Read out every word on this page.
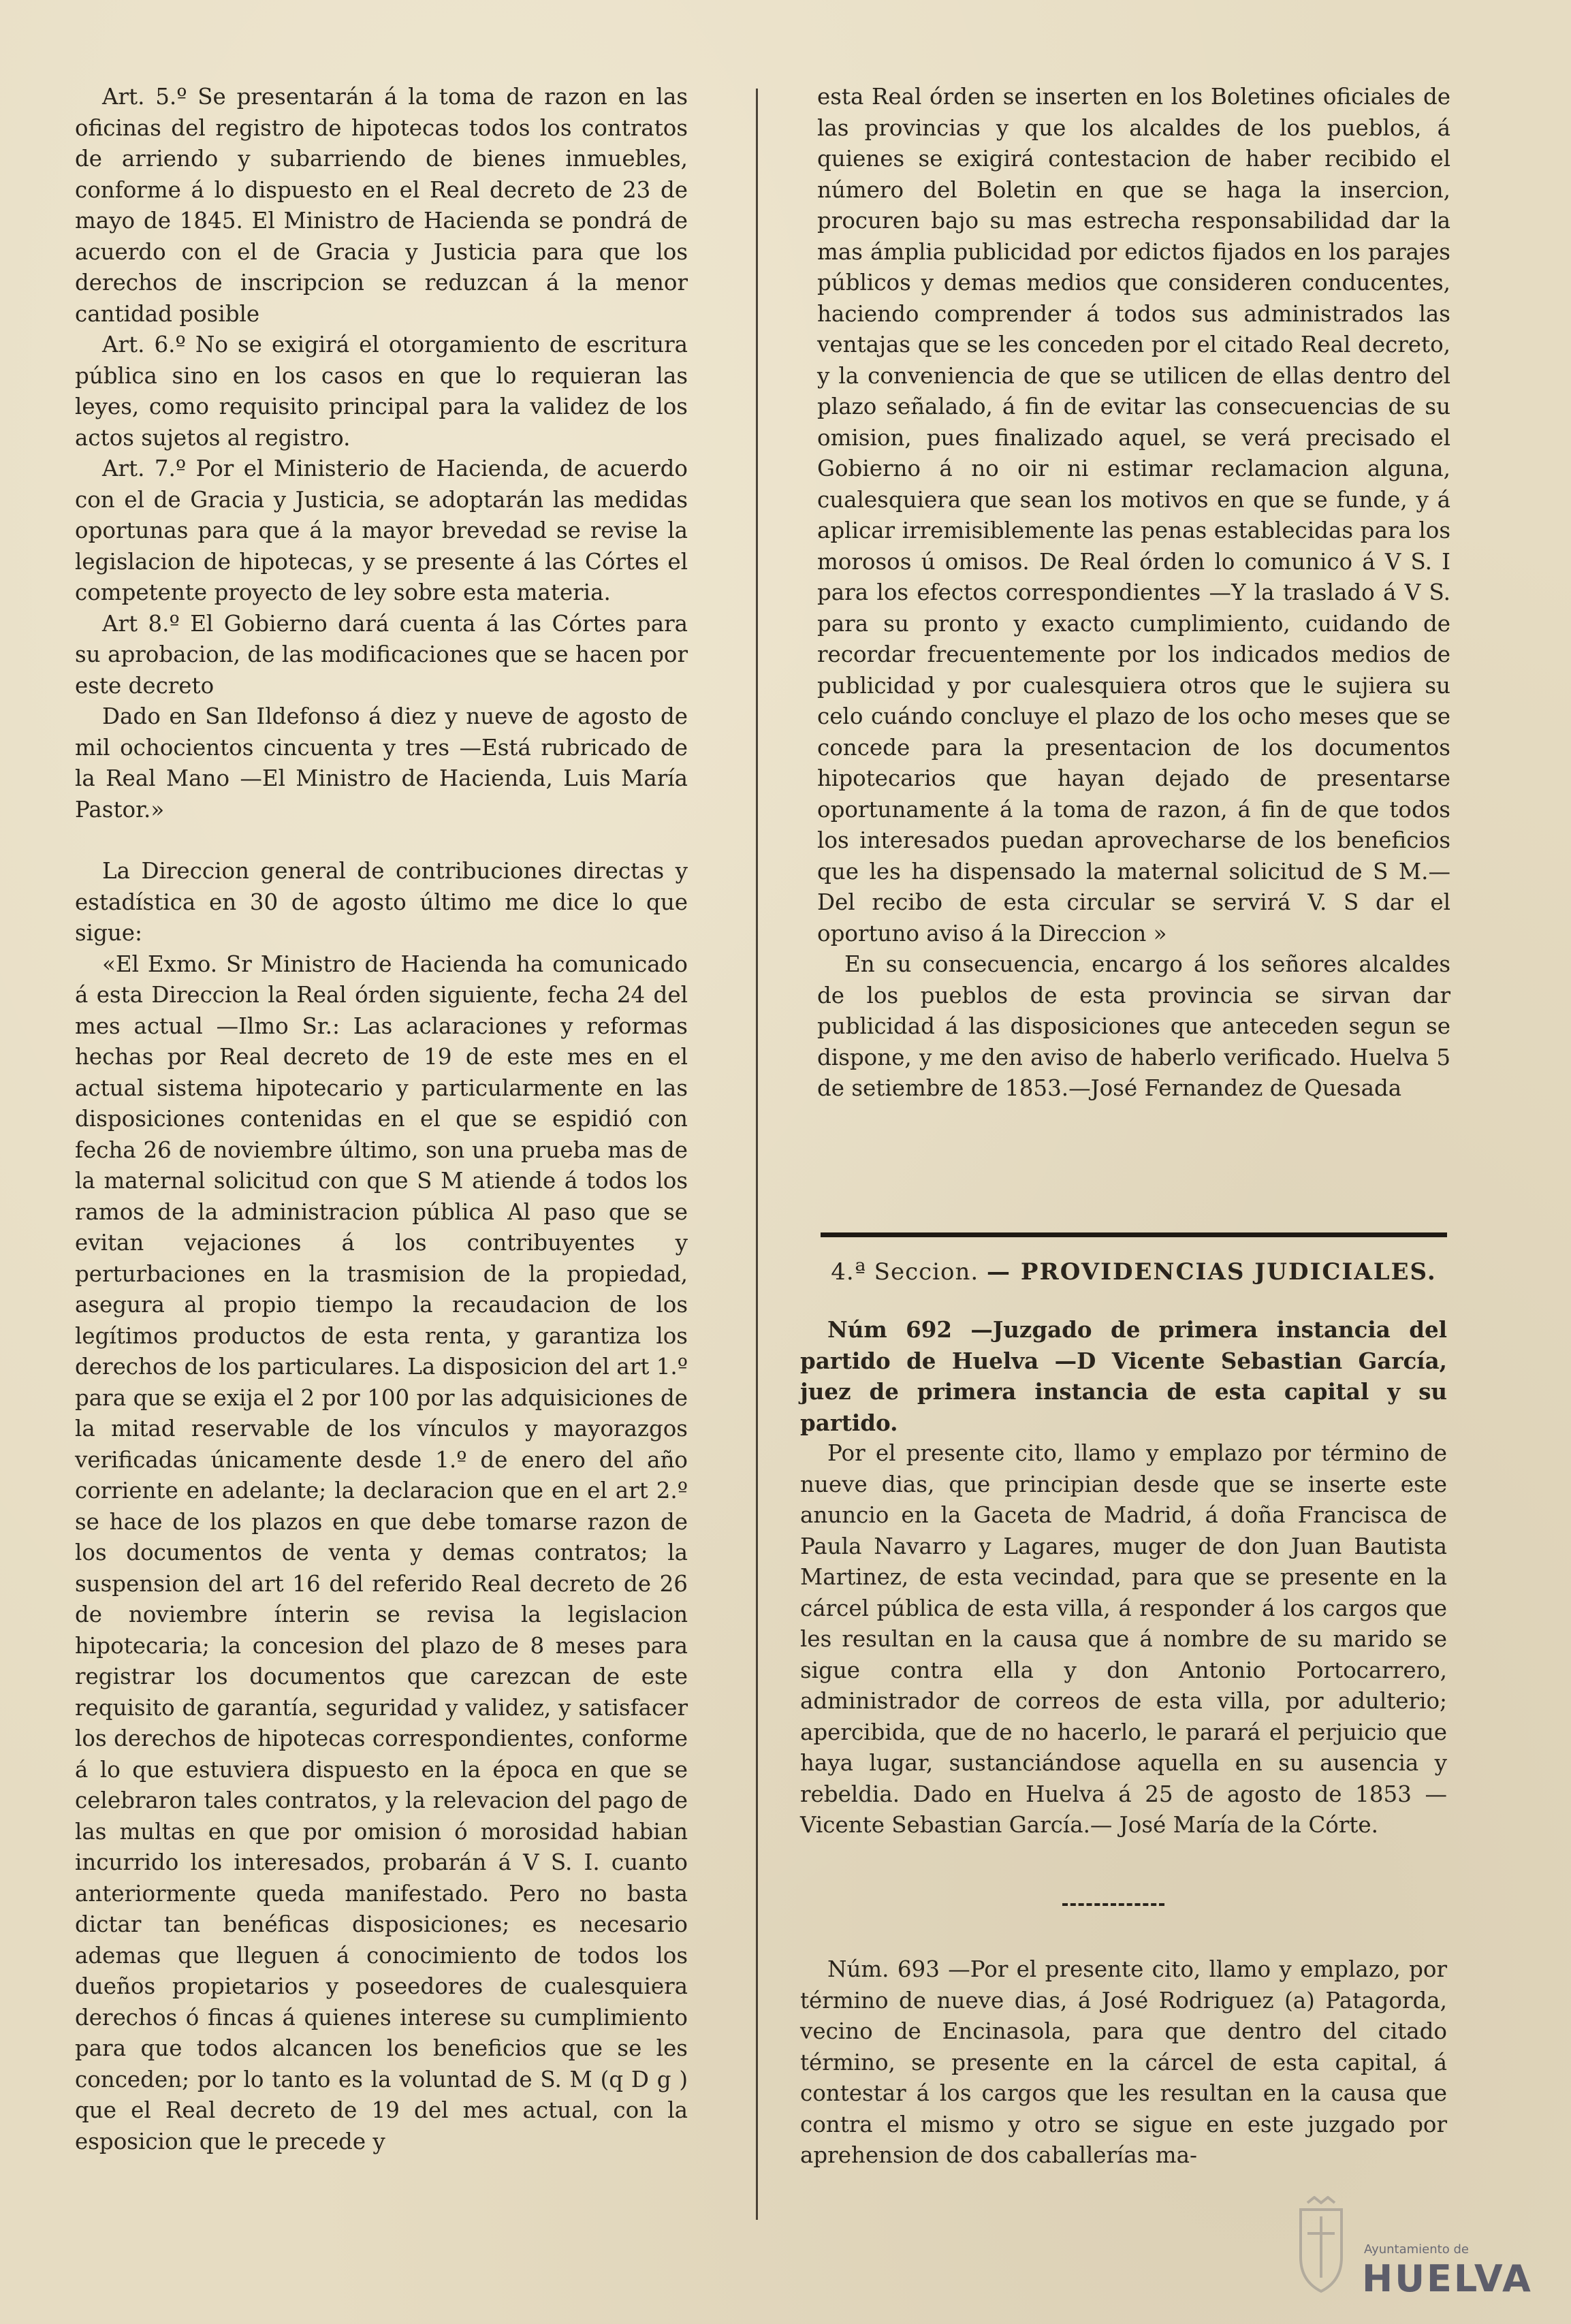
Art. 5.º Se presentarán á la toma de razon en las oficinas del registro de hipotecas todos los contratos de arriendo y subarriendo de bienes inmuebles, conforme á lo dispuesto en el Real decreto de 23 de mayo de 1845. El Ministro de Hacienda se pondrá de acuerdo con el de Gracia y Justicia para que los derechos de inscripcion se reduzcan á la menor cantidad posible

Art. 6.º No se exigirá el otorgamiento de escritura pública sino en los casos en que lo requieran las leyes, como requisito principal para la validez de los actos sujetos al registro.

Art. 7.º Por el Ministerio de Hacienda, de acuerdo con el de Gracia y Justicia, se adoptarán las medidas oportunas para que á la mayor brevedad se revise la legislacion de hipotecas, y se presente á las Córtes el competente proyecto de ley sobre esta materia.

Art 8.º El Gobierno dará cuenta á las Córtes para su aprobacion, de las modificaciones que se hacen por este decreto

Dado en San Ildefonso á diez y nueve de agosto de mil ochocientos cincuenta y tres —Está rubricado de la Real Mano —El Ministro de Hacienda, Luis María Pastor.»

La Direccion general de contribuciones directas y estadística en 30 de agosto último me dice lo que sigue:

«El Exmo. Sr Ministro de Hacienda ha comunicado á esta Direccion la Real órden siguiente, fecha 24 del mes actual —Ilmo Sr.: Las aclaraciones y reformas hechas por Real decreto de 19 de este mes en el actual sistema hipotecario y particularmente en las disposiciones contenidas en el que se espidió con fecha 26 de noviembre último, son una prueba mas de la maternal solicitud con que S M atiende á todos los ramos de la administracion pública Al paso que se evitan vejaciones á los contribuyentes y perturbaciones en la trasmision de la propiedad, asegura al propio tiempo la recaudacion de los legítimos productos de esta renta, y garantiza los derechos de los particulares. La disposicion del art 1.º para que se exija el 2 por 100 por las adquisiciones de la mitad reservable de los vínculos y mayorazgos verificadas únicamente desde 1.º de enero del año corriente en adelante; la declaracion que en el art 2.º se hace de los plazos en que debe tomarse razon de los documentos de venta y demas contratos; la suspension del art 16 del referido Real decreto de 26 de noviembre ínterin se revisa la legislacion hipotecaria; la concesion del plazo de 8 meses para registrar los documentos que carezcan de este requisito de garantía, seguridad y validez, y satisfacer los derechos de hipotecas correspondientes, conforme á lo que estuviera dispuesto en la época en que se celebraron tales contratos, y la relevacion del pago de las multas en que por omision ó morosidad habian incurrido los interesados, probarán á V S. I. cuanto anteriormente queda manifestado. Pero no basta dictar tan benéficas disposiciones; es necesario ademas que lleguen á conocimiento de todos los dueños propietarios y poseedores de cualesquiera derechos ó fincas á quienes interese su cumplimiento para que todos alcancen los beneficios que se les conceden; por lo tanto es la voluntad de S. M (q D g ) que el Real decreto de 19 del mes actual, con la esposicion que le precede y

esta Real órden se inserten en los Boletines oficiales de las provincias y que los alcaldes de los pueblos, á quienes se exigirá contestacion de haber recibido el número del Boletin en que se haga la insercion, procuren bajo su mas estrecha responsabilidad dar la mas ámplia publicidad por edictos fijados en los parajes públicos y demas medios que consideren conducentes, haciendo comprender á todos sus administrados las ventajas que se les conceden por el citado Real decreto, y la conveniencia de que se utilicen de ellas dentro del plazo señalado, á fin de evitar las consecuencias de su omision, pues finalizado aquel, se verá precisado el Gobierno á no oir ni estimar reclamacion alguna, cualesquiera que sean los motivos en que se funde, y á aplicar irremisiblemente las penas establecidas para los morosos ú omisos. De Real órden lo comunico á V S. I para los efectos correspondientes —Y la traslado á V S. para su pronto y exacto cumplimiento, cuidando de recordar frecuentemente por los indicados medios de publicidad y por cualesquiera otros que le sujiera su celo cuándo concluye el plazo de los ocho meses que se concede para la presentacion de los documentos hipotecarios que hayan dejado de presentarse oportunamente á la toma de razon, á fin de que todos los interesados puedan aprovecharse de los beneficios que les ha dispensado la maternal solicitud de S M.—Del recibo de esta circular se servirá V. S dar el oportuno aviso á la Direccion »

En su consecuencia, encargo á los señores alcaldes de los pueblos de esta provincia se sirvan dar publicidad á las disposiciones que anteceden segun se dispone, y me den aviso de haberlo verificado. Huelva 5 de setiembre de 1853.—José Fernandez de Quesada

4.ª Seccion. — PROVIDENCIAS JUDICIALES.

Núm 692 —Juzgado de primera instancia del partido de Huelva —D Vicente Sebastian García, juez de primera instancia de esta capital y su partido.

Por el presente cito, llamo y emplazo por término de nueve dias, que principian desde que se inserte este anuncio en la Gaceta de Madrid, á doña Francisca de Paula Navarro y Lagares, muger de don Juan Bautista Martinez, de esta vecindad, para que se presente en la cárcel pública de esta villa, á responder á los cargos que les resultan en la causa que á nombre de su marido se sigue contra ella y don Antonio Portocarrero, administrador de correos de esta villa, por adulterio; apercibida, que de no hacerlo, le parará el perjuicio que haya lugar, sustanciándose aquella en su ausencia y rebeldia. Dado en Huelva á 25 de agosto de 1853 —Vicente Sebastian García.— José María de la Córte.

Núm. 693 —Por el presente cito, llamo y emplazo, por término de nueve dias, á José Rodriguez (a) Patagorda, vecino de Encinasola, para que dentro del citado término, se presente en la cárcel de esta capital, á contestar á los cargos que les resultan en la causa que contra el mismo y otro se sigue en este juzgado por aprehension de dos caballerías ma-

Ayuntamiento de
HUELVA
